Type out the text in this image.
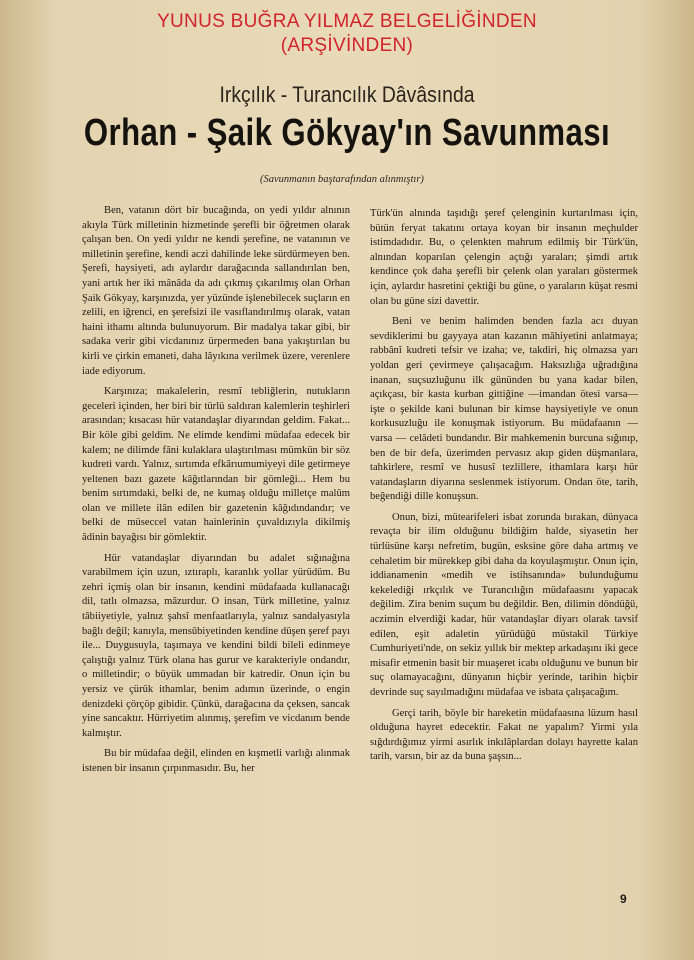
YUNUS BUĞRA YILMAZ BELGELİĞİNDEN
(ARŞİVİNDEN)
Irkçılık - Turancılık Dâvâsında
Orhan - Şaik Gökyay'ın Savunması
(Savunmanın baştarafından alınmıştır)

Ben, vatanın dört bir bucağında, on yedi yıldır alnının akıyla Türk milletinin hizmetinde şerefli bir öğretmen olarak çalışan ben. On yedi yıldır ne kendi şerefine, ne vatanının ve milletinin şerefine, kendi aczi dahilinde leke sürdürmeyen ben. Şerefi, haysiyeti, adı aylardır darağacında sallandırılan ben, yani artık her iki mânâda da adı çıkmış çıkarılmış olan Orhan Şaik Gökyay, karşınızda, yer yüzünde işlenebilecek suçların en zelili, en iğrenci, en şerefsizi ile vasıflandırılmış olarak, vatan haini ithamı altında bulunuyorum. Bir madalya takar gibi, bir sadaka verir gibi vicdanınız ürpermeden bana yakıştırılan bu kirli ve çirkin emaneti, daha lâyıkına verilmek üzere, verenlere iade ediyorum.

Karşınıza; makalelerin, resmî tebliğlerin, nutukların geceleri içinden, her biri bir türlü saldıran kalemlerin teşhirleri arasından; kısacası hür vatandaşlar diyarından geldim. Fakat... Bir köle gibi geldim. Ne elimde kendimi müdafaa edecek bir kalem; ne dilimde fâni kulaklara ulaştırılması mümkün bir söz kudreti vardı. Yalnız, sırtımda efkârıumumiyeyi dile getirmeye yeltenen bazı gazete kâğıtlarından bir gömleği... Hem bu benim sırtımdaki, belki de, ne kumaş olduğu milletçe malûm olan ve millete ilân edilen bir gazetenin kâğıdındandır; ve belki de müseccel vatan hainlerinin çuvaldızıyla dikilmiş âdinin bayağısı bir gömlektir.

Hür vatandaşlar diyarından bu adalet sığınağına varabilmem için uzun, ıztıraplı, karanlık yollar yürüdüm. Bu zehri içmiş olan bir insanın, kendini müdafaada kullanacağı dil, tatlı olmazsa, mâzurdur. O insan, Türk milletine, yalnız tâbiiyetiyle, yalnız şahsî menfaatlarıyla, yalnız sandalyasıyla bağlı değil; kanıyla, mensûbiyetinden kendine düşen şeref payı ile... Duygusuyla, taşımaya ve kendini bildi bileli edinmeye çalıştığı yalnız Türk olana has gurur ve karakteriyle ondandır, o milletindir; o büyük ummadan bir katredir. Onun için bu yersiz ve çürük ithamlar, benim adımın üzerinde, o engin denizdeki çörçöp gibidir. Çünkü, darağacına da çeksen, sancak yine sancaktır. Hürriyetim alınmış, şerefim ve vicdanım bende kalmıştır.

Bu bir müdafaa değil, elinden en kışmetli varlığı alınmak istenen bir insanın çırpınmasıdır. Bu, her

Türk'ün alnında taşıdığı şeref çelenginin kurtarılması için, bütün feryat takatını ortaya koyan bir insanın meçhulder istimdadıdır. Bu, o çelenkten mahrum edilmiş bir Türk'ün, alnından koparılan çelengin açtığı yaraları; şimdi artık kendince çok daha şerefli bir çelenk olan yaraları göstermek için, aylardır hasretini çektiği bu güne, o yaraların küşat resmi olan bu güne sizi davettir.

Beni ve benim halimden benden fazla acı duyan sevdiklerimi bu gayyaya atan kazanın mâhiyetini anlatmaya; rabbânî kudreti tefsir ve izaha; ve, takdiri, hiç olmazsa yarı yoldan geri çevirmeye çalışacağım. Haksızlığa uğradığına inanan, suçsuzluğunu ilk gününden bu yana kadar bilen, açıkçası, bir kasta kurban gittiğine —imandan ötesi varsa— işte o şekilde kani bulunan bir kimse haysiyetiyle ve onun korkusuzluğu ile konuşmak istiyorum. Bu müdafaanın — varsa — celâdeti bundandır. Bir mahkemenin burcuna sığınıp, ben de bir defa, üzerimden pervasız akıp giden düşmanlara, tahkirlere, resmî ve hususî tezlillere, ithamlara karşı hür vatandaşların diyarına seslenmek istiyorum. Ondan öte, tarih, beğendiği dille konuşsun.

Onun, bizi, mütearifeleri isbat zorunda bırakan, dünyaca revaçta bir ilim olduğunu bildiğim halde, siyasetin her türlüsüne karşı nefretim, bugün, esksine göre daha artmış ve cehaletim bir mürekkep gibi daha da koyulaşmıştır. Onun için, iddianamenin «medih ve istihsanında» bulunduğumu kekelediği ırkçılık ve Turancılığın müdafaasını yapacak değilim. Zira benim suçum bu değildir. Ben, dilimin döndüğü, aczimin elverdiği kadar, hür vatandaşlar diyarı olarak tavsif edilen, eşit adaletin yürüdüğü müstakil Türkiye Cumhuriyeti'nde, on sekiz yıllık bir mektep arkadaşını iki gece misafir etmenin basit bir muaşeret icabı olduğunu ve bunun bir suç olamayacağını, dünyanın hiçbir yerinde, tarihin hiçbir devrinde suç sayılmadığını müdafaa ve isbata çalışacağım.

Gerçi tarih, böyle bir hareketin müdafaasına lüzum hasıl olduğuna hayret edecektir. Fakat ne yapalım? Yirmi yıla sığdırdığımız yirmi asırlık inkılâplardan dolayı hayrette kalan tarih, varsın, bir az da buna şaşsın...

9
